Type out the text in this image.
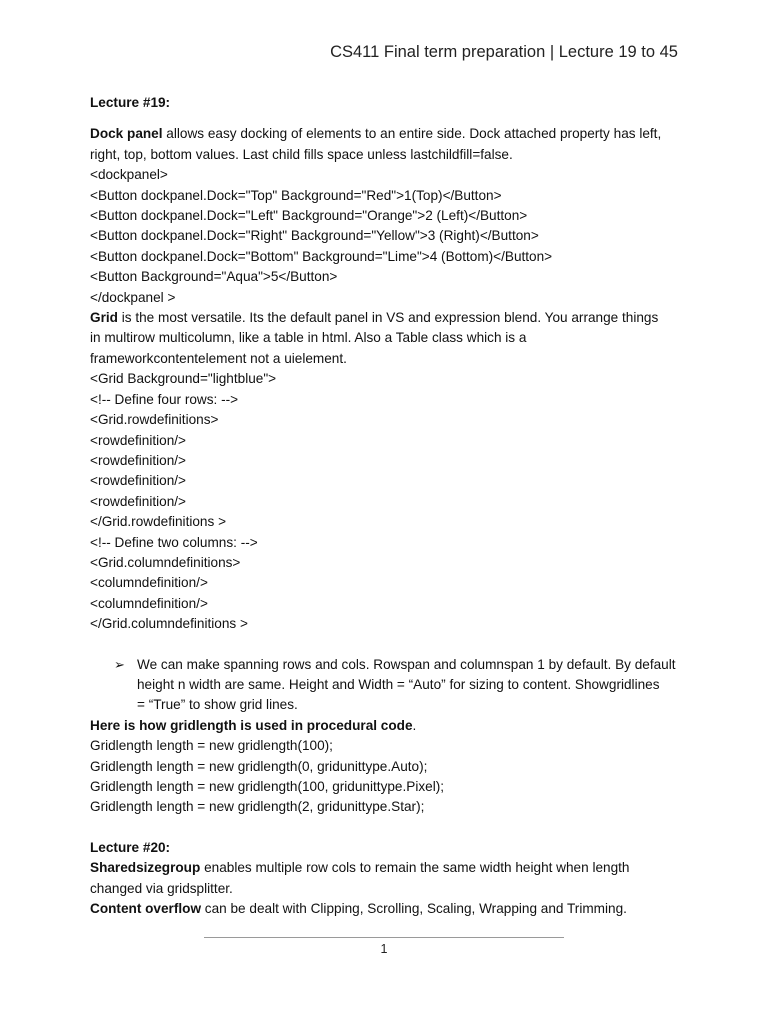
CS411 Final term preparation | Lecture 19 to 45
Lecture #19:
Dock panel allows easy docking of elements to an entire side. Dock attached property has left,
right, top, bottom values. Last child fills space unless lastchildfill=false.
<dockpanel>
<Button dockpanel.Dock="Top" Background="Red">1(Top)</Button>
<Button dockpanel.Dock="Left" Background="Orange">2 (Left)</Button>
<Button dockpanel.Dock="Right" Background="Yellow">3 (Right)</Button>
<Button dockpanel.Dock="Bottom" Background="Lime">4 (Bottom)</Button>
<Button Background="Aqua">5</Button>
</dockpanel >
Grid is the most versatile. Its the default panel in VS and expression blend. You arrange things
in multirow multicolumn, like a table in html. Also a Table class which is a
frameworkcontentelement not a uielement.
<Grid Background="lightblue">
<!-- Define four rows: -->
<Grid.rowdefinitions>
<rowdefinition/>
<rowdefinition/>
<rowdefinition/>
<rowdefinition/>
</Grid.rowdefinitions >
<!-- Define two columns: -->
<Grid.columndefinitions>
<columndefinition/>
<columndefinition/>
</Grid.columndefinitions >
➢ We can make spanning rows and cols. Rowspan and columnspan 1 by default. By default
height n width are same. Height and Width = “Auto” for sizing to content. Showgridlines
= “True” to show grid lines.
Here is how gridlength is used in procedural code.
Gridlength length = new gridlength(100);
Gridlength length = new gridlength(0, gridunittype.Auto);
Gridlength length = new gridlength(100, gridunittype.Pixel);
Gridlength length = new gridlength(2, gridunittype.Star);
Lecture #20:
Sharedsizegroup enables multiple row cols to remain the same width height when length
changed via gridsplitter.
Content overflow can be dealt with Clipping, Scrolling, Scaling, Wrapping and Trimming.
1
